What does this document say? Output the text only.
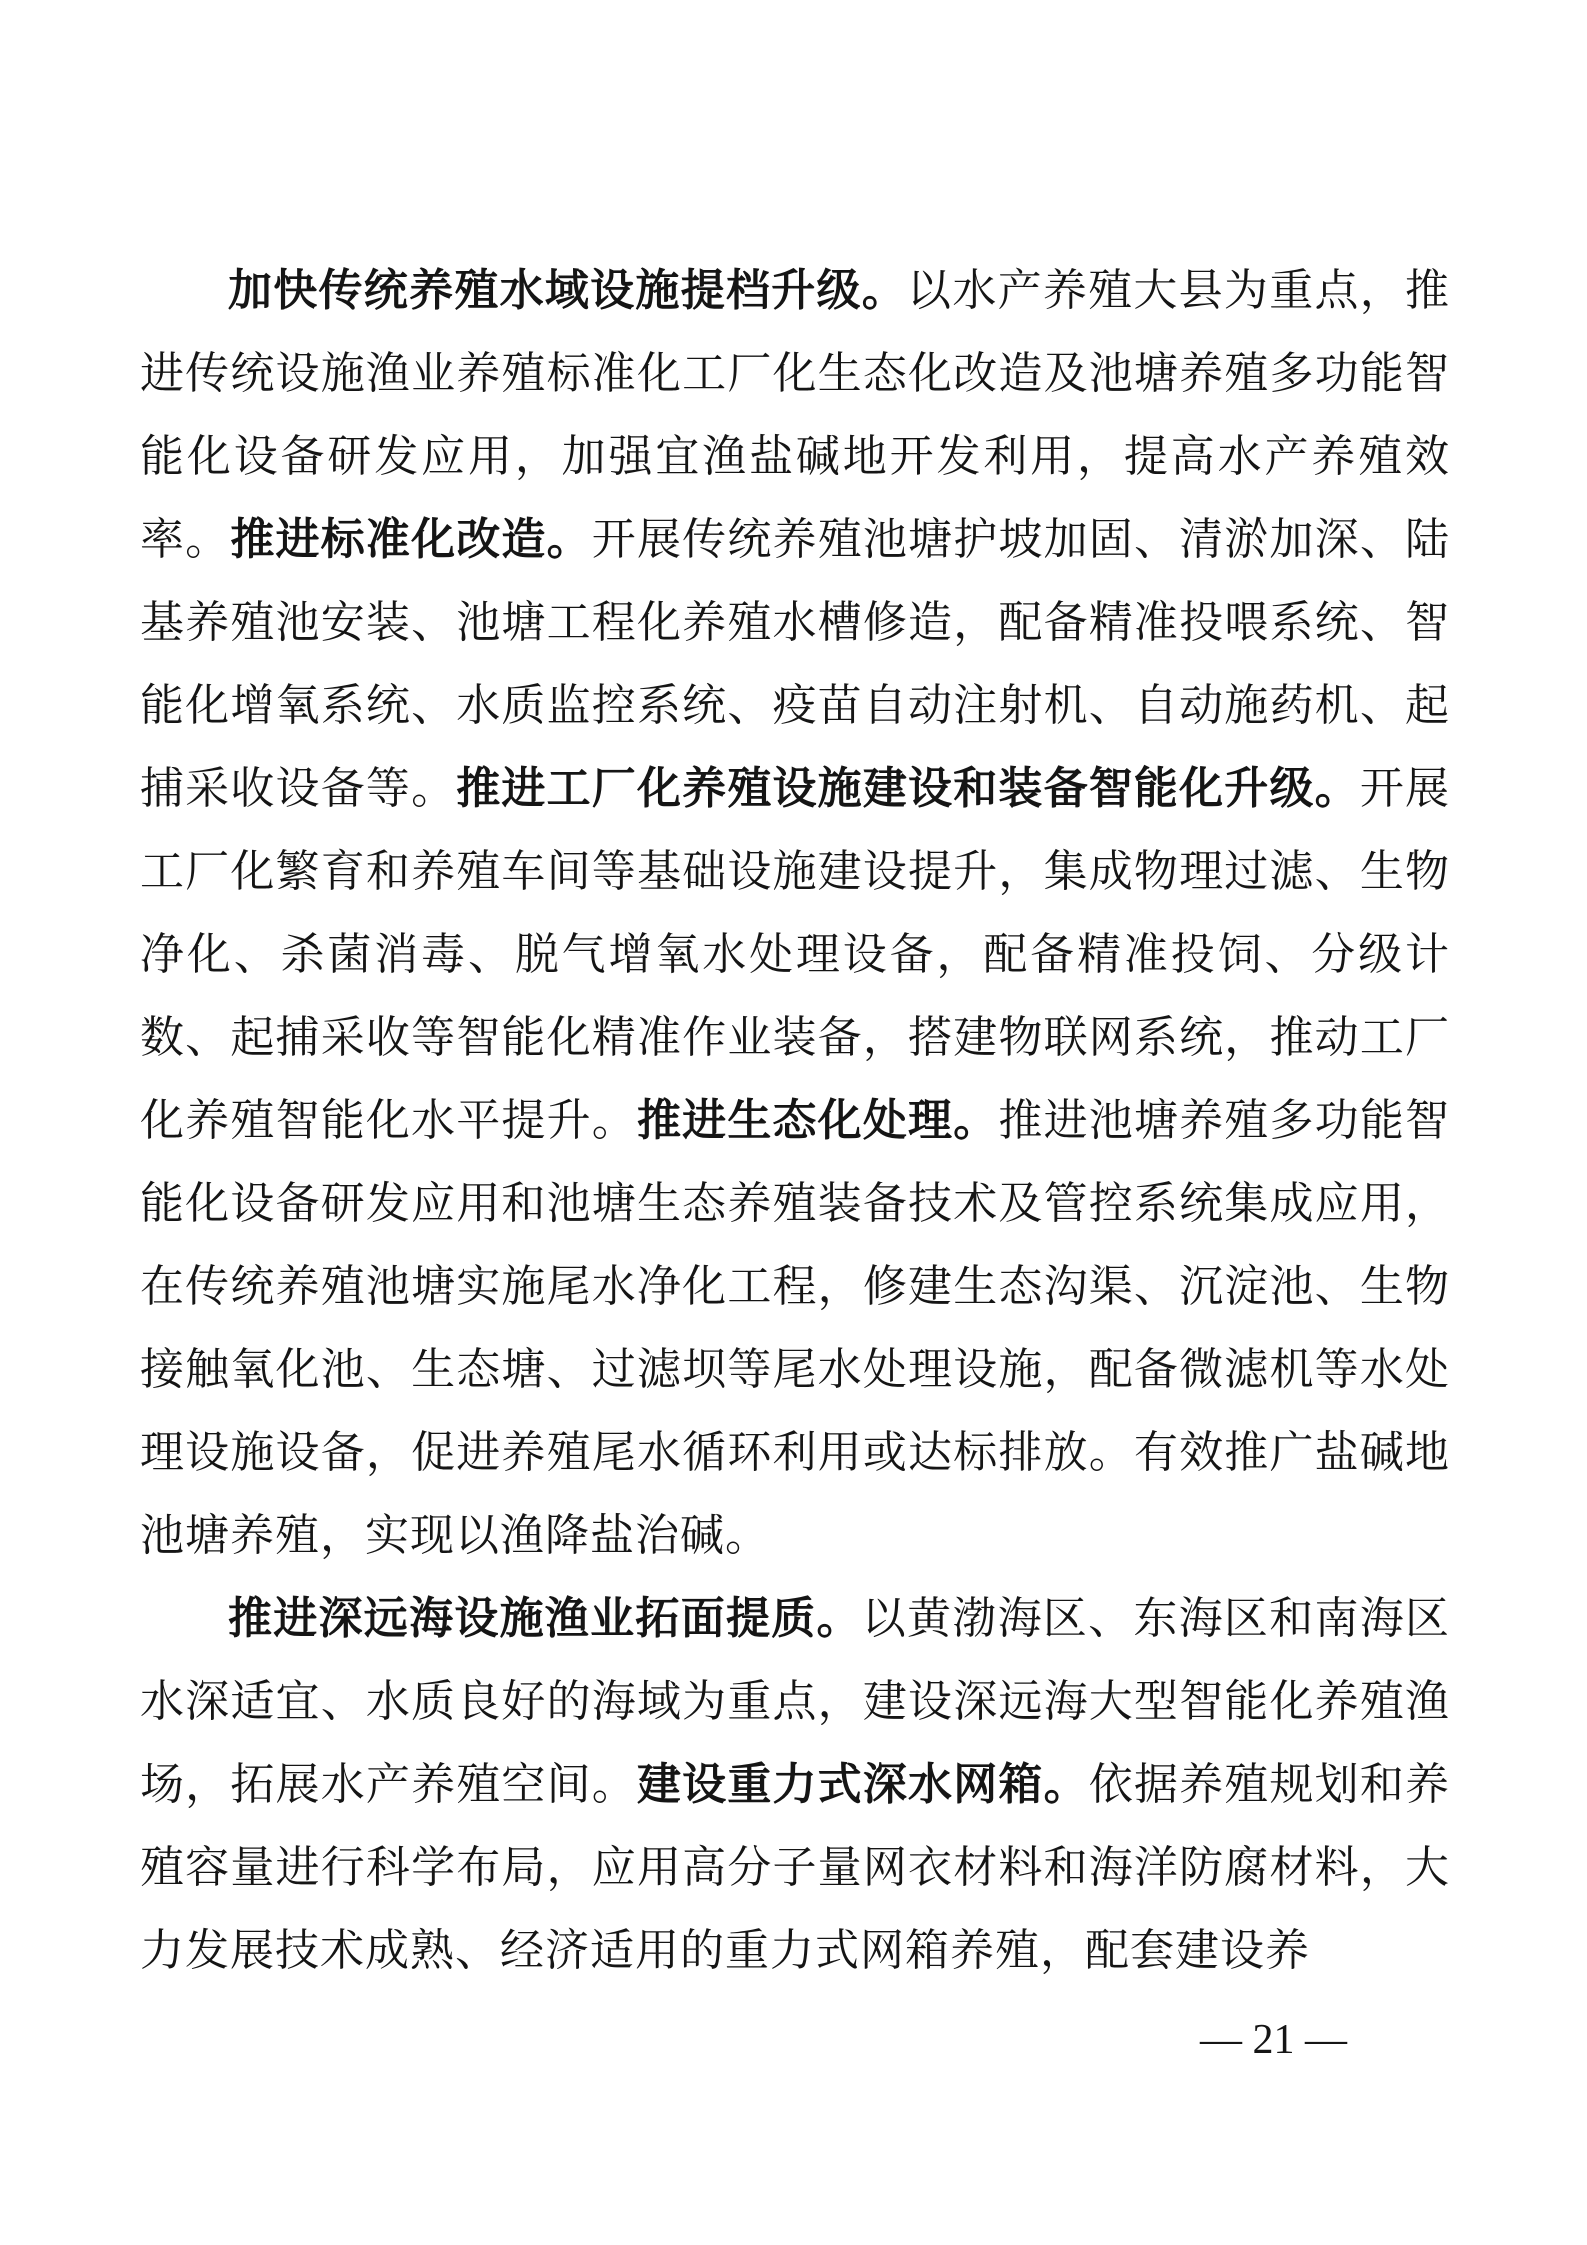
加快传统养殖水域设施提档升级。以水产养殖大县为重点，推进传统设施渔业养殖标准化工厂化生态化改造及池塘养殖多功能智能化设备研发应用，加强宜渔盐碱地开发利用，提高水产养殖效率。推进标准化改造。开展传统养殖池塘护坡加固、清淤加深、陆基养殖池安装、池塘工程化养殖水槽修造，配备精准投喂系统、智能化增氧系统、水质监控系统、疫苗自动注射机、自动施药机、起捕采收设备等。推进工厂化养殖设施建设和装备智能化升级。开展工厂化繁育和养殖车间等基础设施建设提升，集成物理过滤、生物净化、杀菌消毒、脱气增氧水处理设备，配备精准投饲、分级计数、起捕采收等智能化精准作业装备，搭建物联网系统，推动工厂化养殖智能化水平提升。推进生态化处理。推进池塘养殖多功能智能化设备研发应用和池塘生态养殖装备技术及管控系统集成应用，在传统养殖池塘实施尾水净化工程，修建生态沟渠、沉淀池、生物接触氧化池、生态塘、过滤坝等尾水处理设施，配备微滤机等水处理设施设备，促进养殖尾水循环利用或达标排放。有效推广盐碱地池塘养殖，实现以渔降盐治碱。

推进深远海设施渔业拓面提质。以黄渤海区、东海区和南海区水深适宜、水质良好的海域为重点，建设深远海大型智能化养殖渔场，拓展水产养殖空间。建设重力式深水网箱。依据养殖规划和养殖容量进行科学布局，应用高分子量网衣材料和海洋防腐材料，大力发展技术成熟、经济适用的重力式网箱养殖，配套建设养

— 21 —
